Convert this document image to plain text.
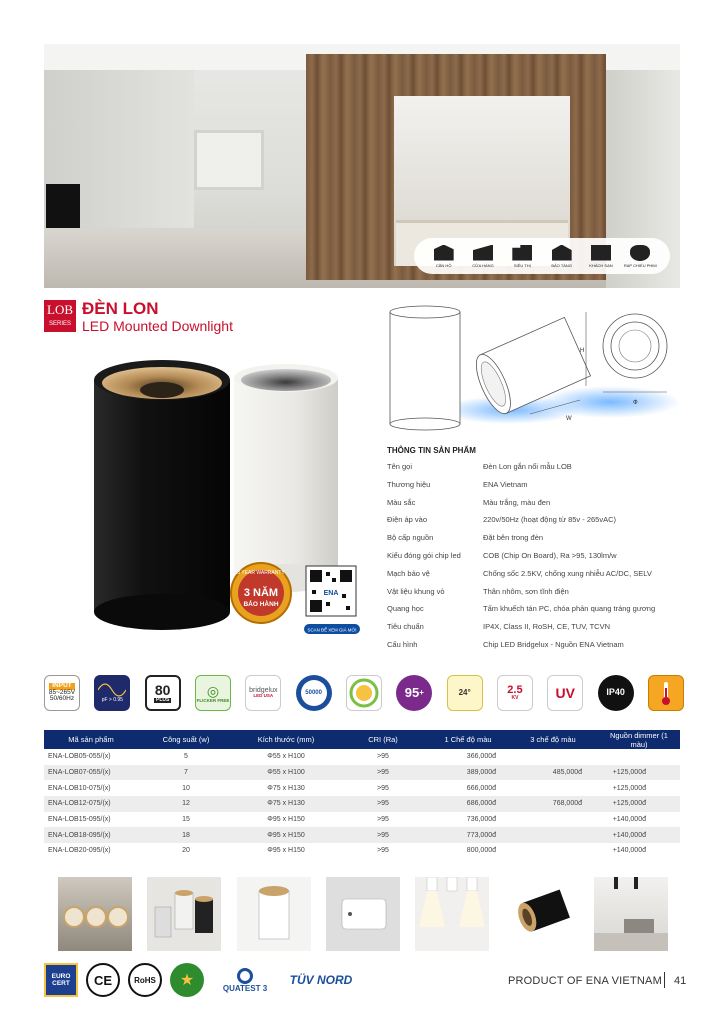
CĂN HỘ	CỬA HÀNG	SIÊU THỊ	BẢO TÀNG	KHÁCH SẠN	RẠP CHIẾU PHIM
LOB
SERIES
ĐÈN LON
LED Mounted Downlight
3 YEAR WARRANTY
3 NĂM
BẢO HÀNH
ENA
SCAN ĐỂ XEM GIÁ MỚI
H
W
Φ
THÔNG TIN SẢN PHẨM
Tên gọi	Đèn Lon gắn nổi mẫu LOB
Thương hiệu	ENA Vietnam
Màu sắc	Màu trắng, màu đen
Điện áp vào	220v/50Hz (hoạt động từ 85v - 265vAC)
Bộ cấp nguồn	Đặt bên trong đèn
Kiểu đóng gói chip led	COB (Chip On Board), Ra >95, 130lm/w
Mạch bảo vệ	Chống sốc 2.5KV, chống xung nhiễu AC/DC, SELV
Vật liệu khung vỏ	Thân nhôm, sơn tĩnh điện
Quang học	Tấm khuếch tán PC, chóa phản quang tráng gương
Tiêu chuẩn	IP4X, Class II, RoSH, CE, TUV, TCVN
Cấu hình	Chip LED Bridgelux - Nguồn ENA Vietnam
INPUT
85~265V
50/60Hz	pF > 0.95
80
PLUS
◎
FLICKER FREE
bridgelux
LED USA	50000	95 +	24°	2.5
KV	UV	IP40
Mã sản phẩm	Công suất (w)	Kích thước (mm)	CRI (Ra)	1 Chế độ màu	3 chế độ màu	Nguồn dimmer (1 màu)
ENA-LOB05-055/(x)	5	Φ55 x H100	>95	366,000đ		
ENA-LOB07-055/(x)	7	Φ55 x H100	>95	389,000đ	485,000đ	+125,000đ
ENA-LOB10-075/(x)	10	Φ75 x H130	>95	666,000đ		+125,000đ
ENA-LOB12-075/(x)	12	Φ75 x H130	>95	686,000đ	768,000đ	+125,000đ
ENA-LOB15-095/(x)	15	Φ95 x H150	>95	736,000đ		+140,000đ
ENA-LOB18-095/(x)	18	Φ95 x H150	>95	773,000đ		+140,000đ
ENA-LOB20-095/(x)	20	Φ95 x H150	>95	800,000đ		+140,000đ
EURO
CERT CE	RoHS ★	QUATEST 3
TÜV NORD	PRODUCT OF ENA VIETNAM 41
